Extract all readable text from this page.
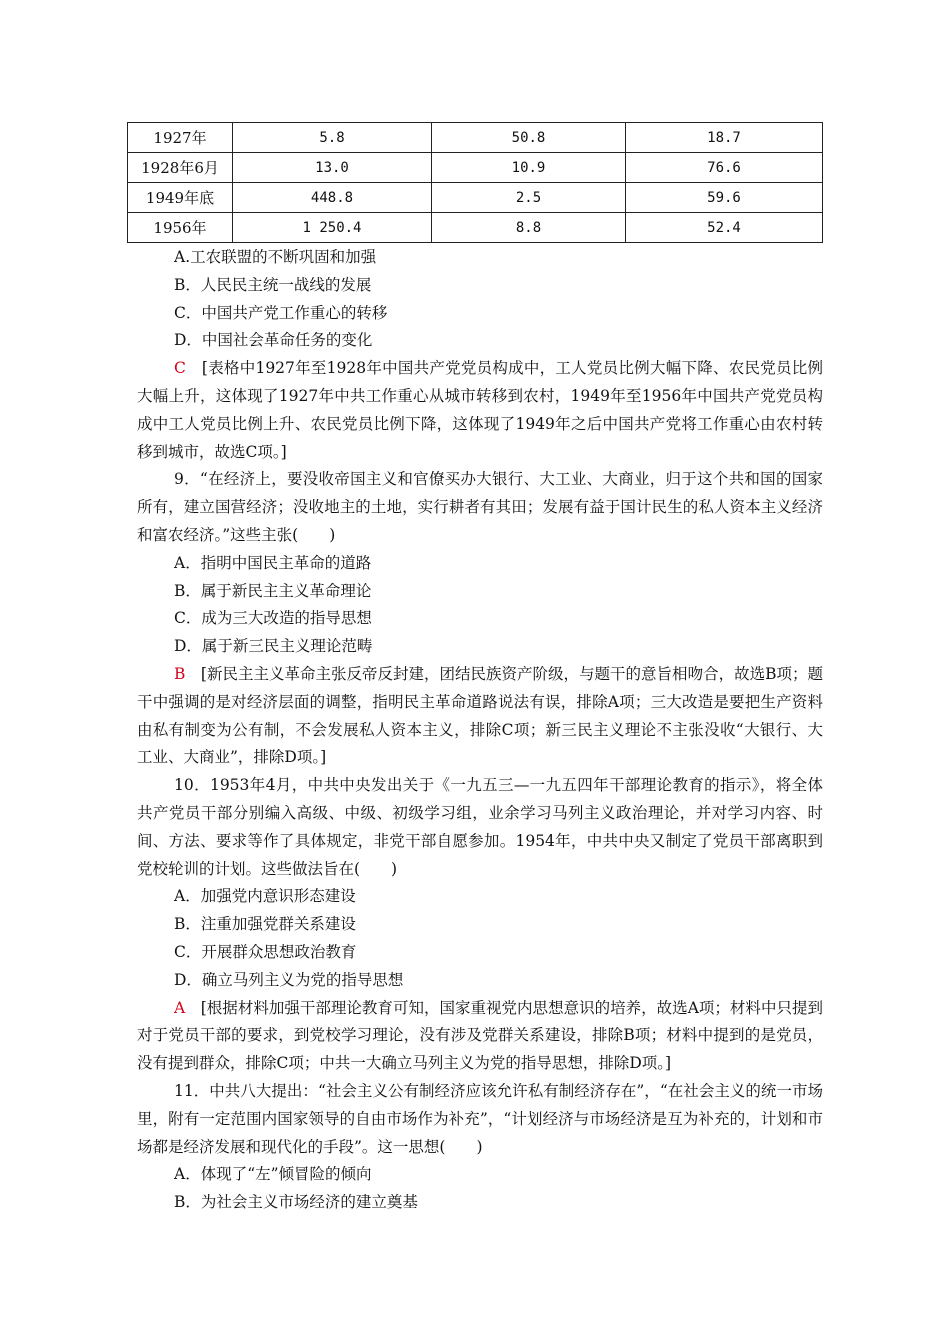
1927年	5.8	50.8	18.7
1928年6月	13.0	10.9	76.6
1949年底	448.8	2.5	59.6
1956年	1 250.4	8.8	52.4
A.工农联盟的不断巩固和加强
B．人民民主统一战线的发展
C．中国共产党工作重心的转移
D．中国社会革命任务的变化
C　 [表格中1927年至1928年中国共产党党员构成中，工人党员比例大幅下降、农民党员比例大幅上升，这体现了1927年中共工作重心从城市转移到农村，1949年至1956年中国共产党党员构成中工人党员比例上升、农民党员比例下降，这体现了1949年之后中国共产党将工作重心由农村转移到城市，故选C项。]
9．“在经济上，要没收帝国主义和官僚买办大银行、大工业、大商业，归于这个共和国的国家所有，建立国营经济；没收地主的土地，实行耕者有其田；发展有益于国计民生的私人资本主义经济和富农经济。”这些主张(　　)
A．指明中国民主革命的道路
B．属于新民主主义革命理论
C．成为三大改造的指导思想
D．属于新三民主义理论范畴
B　 [新民主主义革命主张反帝反封建，团结民族资产阶级，与题干的意旨相吻合，故选B项；题干中强调的是对经济层面的调整，指明民主革命道路说法有误，排除A项；三大改造是要把生产资料由私有制变为公有制，不会发展私人资本主义，排除C项；新三民主义理论不主张没收“大银行、大工业、大商业”，排除D项。]
10．1953年4月，中共中央发出关于《一九五三—一九五四年干部理论教育的指示》，将全体共产党员干部分别编入高级、中级、初级学习组，业余学习马列主义政治理论，并对学习内容、时间、方法、要求等作了具体规定，非党干部自愿参加。1954年，中共中央又制定了党员干部离职到党校轮训的计划。这些做法旨在(　　)
A．加强党内意识形态建设
B．注重加强党群关系建设
C．开展群众思想政治教育
D．确立马列主义为党的指导思想
A　 [根据材料加强干部理论教育可知，国家重视党内思想意识的培养，故选A项；材料中只提到对于党员干部的要求，到党校学习理论，没有涉及党群关系建设，排除B项；材料中提到的是党员，没有提到群众，排除C项；中共一大确立马列主义为党的指导思想，排除D项。]
11．中共八大提出：“社会主义公有制经济应该允许私有制经济存在”，“在社会主义的统一市场里，附有一定范围内国家领导的自由市场作为补充”，“计划经济与市场经济是互为补充的，计划和市场都是经济发展和现代化的手段”。这一思想(　　)
A．体现了“左”倾冒险的倾向
B．为社会主义市场经济的建立奠基
